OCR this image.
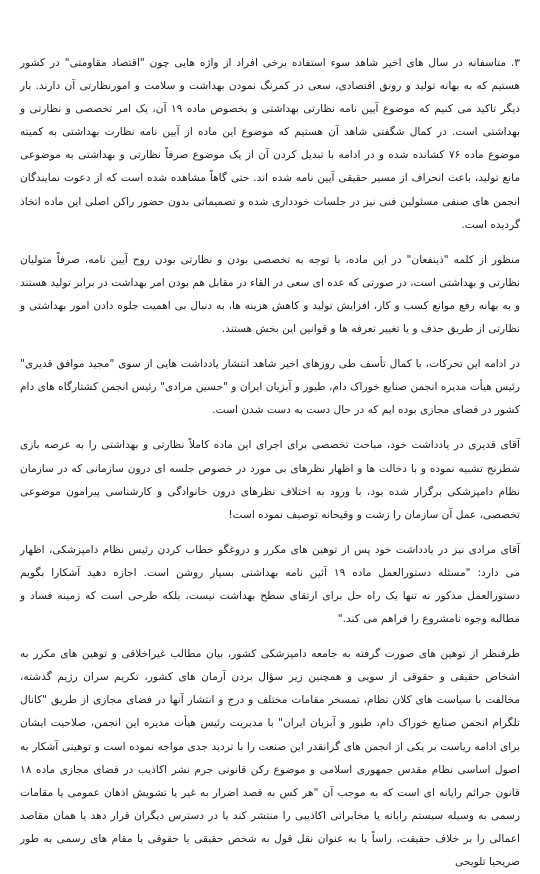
۳. متاسفانه در سال های اخیر شاهد سوء استفاده برخی افراد از واژه هایی چون "اقتصاد مقاومتی" در کشور هستیم که به بهانه تولید و رونق اقتصادی، سعی در کمرنگ نمودن بهداشت و سلامت و امورنظارتی آن دارند. بار دیگر تاکید می کنیم که موضوع آیین نامه نظارتی بهداشتی و بخصوص ماده ۱۹ آن، یک امر تخصصی و نظارتی و بهداشتی است. در کمال شگفتی شاهد آن هستیم که موضوع این ماده از آیین نامه نظارت بهداشتی به کمیته موضوع ماده ۷۶ کشانده شده و در ادامه با تبدیل کردن آن از یک موضوع صرفاً نظارتی و بهداشتی به موضوعی مانع تولید، باعث انحراف از مسیر حقیقی آیین نامه شده اند. حتی گاهاً مشاهده شده است که از دعوت نمایندگان انجمن های صنفی مسئولین فنی نیز در جلسات خودداری شده و تصمیماتی بدون حضور راکن اصلی این ماده اتخاذ گردیده است.

منظور از کلمه "ذینفعان" در این ماده، با توجه به تخصصی بودن و نظارتی بودن روح آیین نامه، صرفاً متولیان نظارتی و بهداشتی است، در صورتی که عده ای سعی در القاء در مقابل هم بودن امر بهداشت در برابر تولید هستند و به بهانه رفع موانع کسب و کار، افزایش تولید و کاهش هزینه ها، به دنبال بی اهمیت جلوه دادن امور بهداشتی و نظارتی از طریق حذف و یا تغییر تعرفه ها و قوانین این بخش هستند.

در ادامه این تحرکات، با کمال تأسف طی روزهای اخیر شاهد انتشار یادداشت هایی از سوی "مجید موافق قدیری" رئیس هیأت مدیره انجمن صنایع خوراک دام، طیور و آبزیان ایران و "حسین مرادی" رئیس انجمن کشتارگاه های دام کشور در فضای مجازی بوده ایم که در حال دست به دست شدن است.

آقای قدیری در یادداشت خود، مباحث تخصصی برای اجرای این ماده کاملاً نظارتی و بهداشتی را به عرصه بازی شطرنج تشبیه نموده و با دخالت ها و اظهار نظرهای بی مورد در خصوص جلسه ای درون سازمانی که در سازمان نظام دامپزشکی برگزار شده بود، با ورود به اختلاف نظرهای درون خانوادگی و کارشناسی پیرامون موضوعی تخصصی، عمل آن سازمان را زشت و وقیحانه توصیف نموده است!

آقای مرادی نیز در یادداشت خود پس از توهین های مکرر و دروغگو خطاب کردن رئیس نظام دامپزشکی، اظهار می دارد: "مسئله دستورالعمل ماده ۱۹ آئین نامه بهداشتی بسیار روشن است. اجازه دهید آشکارا بگویم دستورالعمل مذکور نه تنها یک راه حل برای ارتقای سطح بهداشت نیست، بلکه طرحی است که زمینه فساد و مطالبه وجوه نامشروع را فراهم می کند."

طرفنظر از توهین های صورت گرفته به جامعه دامپزشکی کشور، بیان مطالب غیراخلاقی و توهین های مکرر به اشخاص حقیقی و حقوقی از سویی و همچنین زیر سؤال بردن آرمان های کشور، تکریم سران رژیم گذشته، مخالفت با سیاست های کلان نظام، تمسخر مقامات مختلف و درج و انتشار آنها در فضای مجازی از طریق "کانال تلگرام انجمن صنایع خوراک دام، طیور و آبزیان ایران" با مدیریت رئیس هیأت مدیره این انجمن، صلاحیت ایشان برای ادامه ریاست بر یکی از انجمن های گرانقدر این صنعت را با تردید جدی مواجه نموده است و توهینی آشکار به اصول اساسی نظام مقدس جمهوری اسلامی و موضوع رکن قانونی جرم نشر اکاذیب در فضای مجازی ماده ۱۸ قانون جرائم رایانه ای است که به موجب آن "هر کس به قصد اضرار به غیر یا تشویش اذهان عمومی یا مقامات رسمی به وسیله سیستم رایانه یا مخابراتی اکاذیبی را منتشر کند یا در دسترس دیگران قرار دهد یا همان مقاصد اعمالی را بر خلاف حقیقت، راساً یا به عنوان نقل قول به شخص حقیقی یا حقوقی یا مقام های رسمی به طور صریحیا تلویحی
